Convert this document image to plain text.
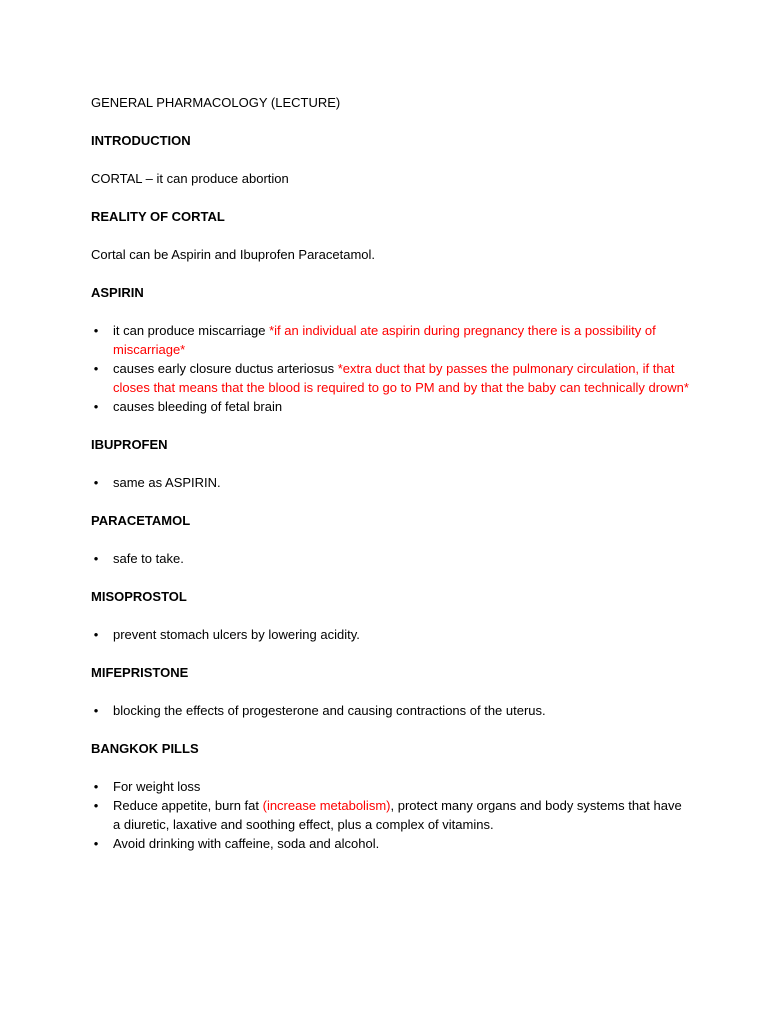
GENERAL PHARMACOLOGY (LECTURE)

INTRODUCTION

CORTAL – it can produce abortion

REALITY OF CORTAL

Cortal can be Aspirin and Ibuprofen Paracetamol.

ASPIRIN

• it can produce miscarriage *if an individual ate aspirin during pregnancy there is a possibility of miscarriage*
• causes early closure ductus arteriosus *extra duct that by passes the pulmonary circulation, if that closes that means that the blood is required to go to PM and by that the baby can technically drown*
• causes bleeding of fetal brain

IBUPROFEN

• same as ASPIRIN.

PARACETAMOL

• safe to take.

MISOPROSTOL

• prevent stomach ulcers by lowering acidity.

MIFEPRISTONE

• blocking the effects of progesterone and causing contractions of the uterus.

BANGKOK PILLS

• For weight loss
• Reduce appetite, burn fat (increase metabolism), protect many organs and body systems that have a diuretic, laxative and soothing effect, plus a complex of vitamins.
• Avoid drinking with caffeine, soda and alcohol.
